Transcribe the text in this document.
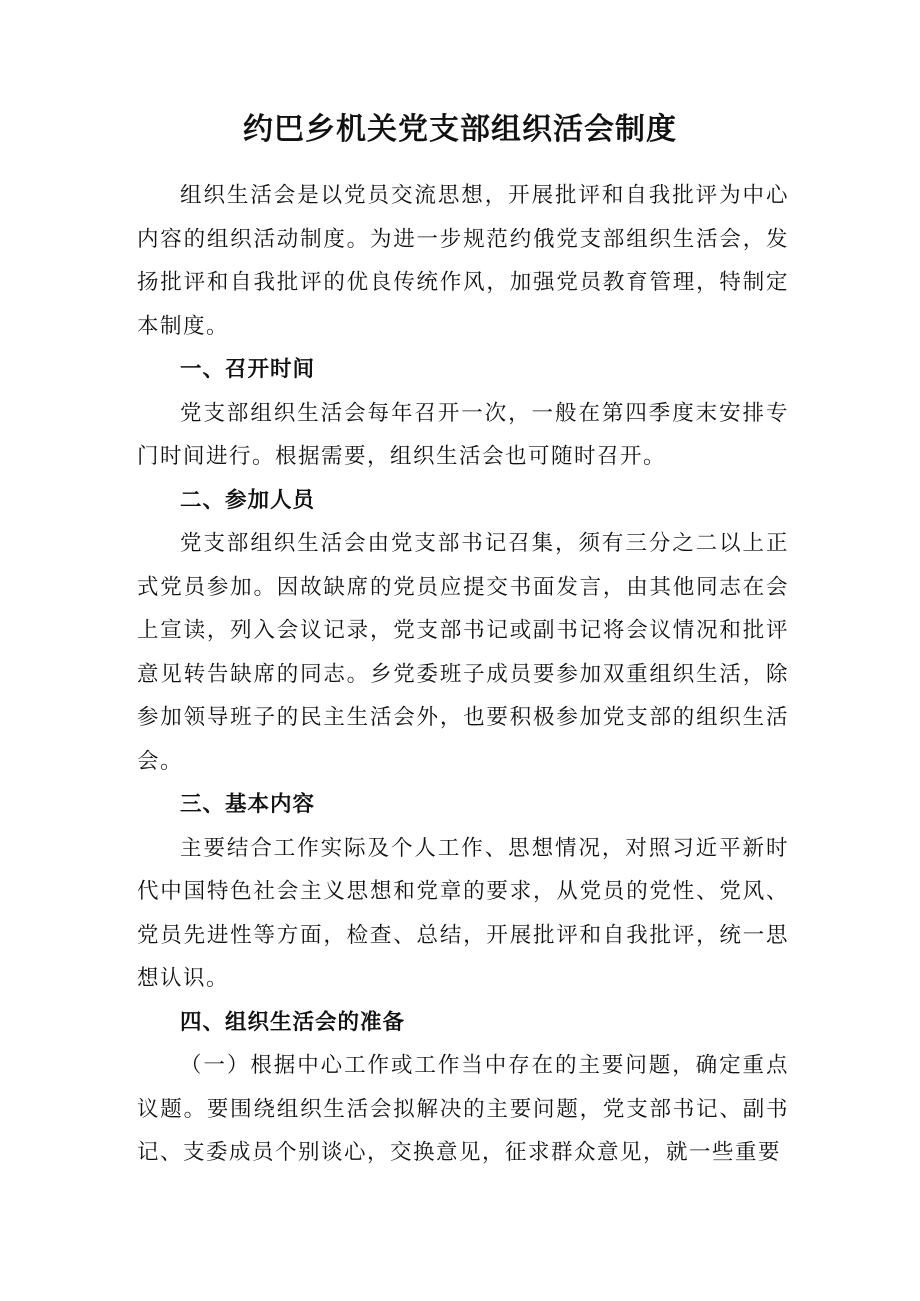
约巴乡机关党支部组织活会制度

组织生活会是以党员交流思想，开展批评和自我批评为中心内容的组织活动制度。为进一步规范约俄党支部组织生活会，发扬批评和自我批评的优良传统作风，加强党员教育管理，特制定本制度。

一、召开时间

党支部组织生活会每年召开一次，一般在第四季度末安排专门时间进行。根据需要，组织生活会也可随时召开。

二、参加人员

党支部组织生活会由党支部书记召集，须有三分之二以上正式党员参加。因故缺席的党员应提交书面发言，由其他同志在会上宣读，列入会议记录，党支部书记或副书记将会议情况和批评意见转告缺席的同志。乡党委班子成员要参加双重组织生活，除参加领导班子的民主生活会外，也要积极参加党支部的组织生活会。

三、基本内容

主要结合工作实际及个人工作、思想情况，对照习近平新时代中国特色社会主义思想和党章的要求，从党员的党性、党风、党员先进性等方面，检查、总结，开展批评和自我批评，统一思想认识。

四、组织生活会的准备

（一）根据中心工作或工作当中存在的主要问题，确定重点议题。要围绕组织生活会拟解决的主要问题，党支部书记、副书记、支委成员个别谈心，交换意见，征求群众意见，就一些重要
